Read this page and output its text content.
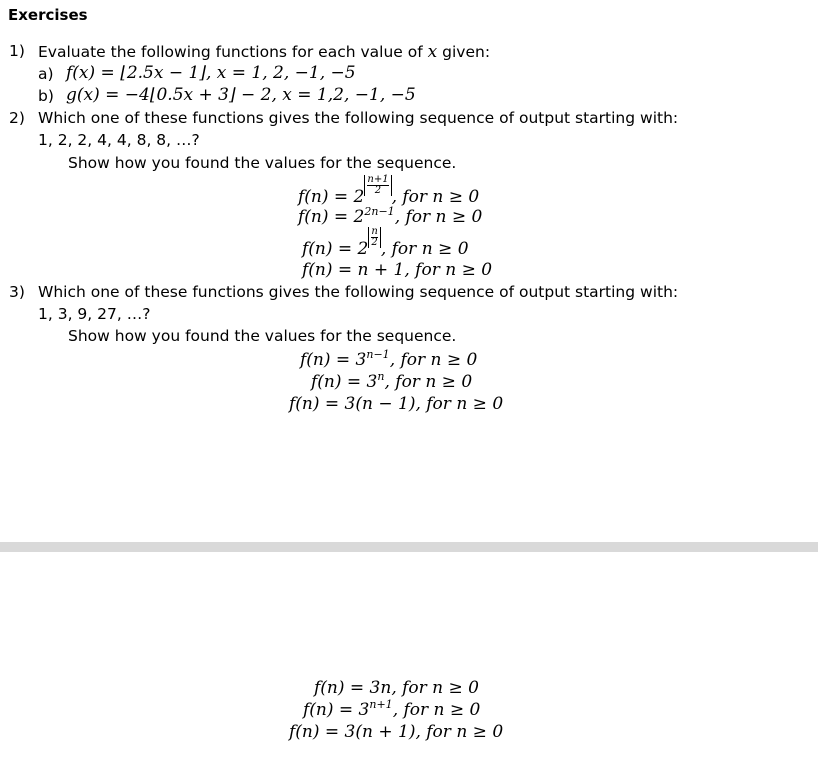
Exercises
1) Evaluate the following functions for each value of x given:
a) f(x) = ⌊2.5x − 1⌋, x = 1, 2, −1, −5
b) g(x) = −4⌊0.5x + 3⌋ − 2, x = 1,2, −1, −5
2) Which one of these functions gives the following sequence of output starting with:
1, 2, 2, 4, 4, 8, 8, …?
Show how you found the values for the sequence.
f(n) = 2
$\frac{n+1}{2}$
, for n ≥ 0
$f(n) = 2^{2n-1}$, for n ≥ 0
f(n) = 2
$\frac{n}{2}$
, for n ≥ 0
f(n) = n + 1, for n ≥ 0
3) Which one of these functions gives the following sequence of output starting with:
1, 3, 9, 27, …?
Show how you found the values for the sequence.
$f(n) = 3^{n-1}$, for n ≥ 0
$f(n) = 3^n$, for n ≥ 0
f(n) = 3(n − 1), for n ≥ 0
f(n) = 3n, for n ≥ 0
$f(n) = 3^{n+1}$, for n ≥ 0
f(n) = 3(n + 1), for n ≥ 0
